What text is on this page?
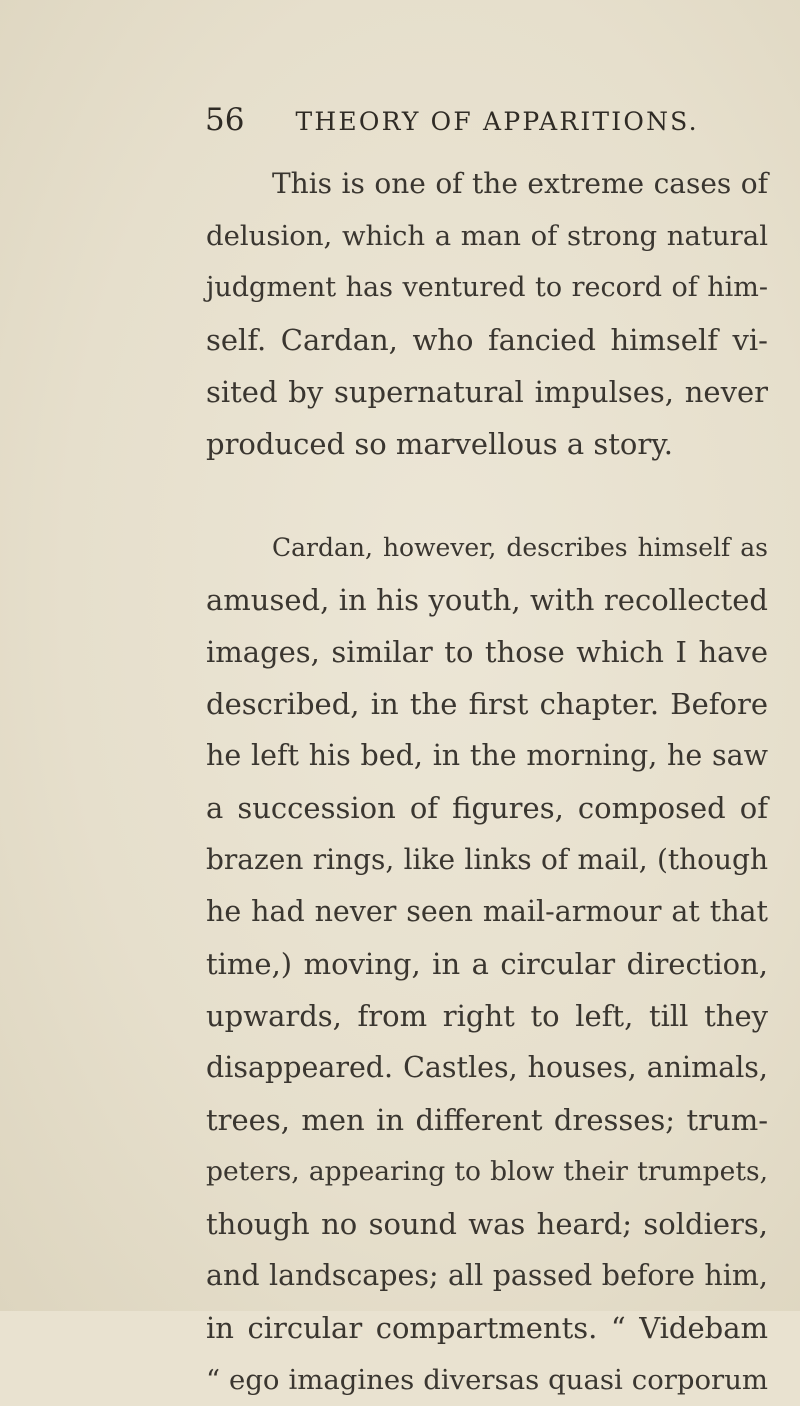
56 THEORY OF APPARITIONS.
This is one of the extreme cases of
delusion, which a man of strong natural
judgment has ventured to record of him-
self. Cardan, who fancied himself vi-
sited by supernatural impulses, never
produced so marvellous a story.
Cardan, however, describes himself as
amused, in his youth, with recollected
images, similar to those which I have
described, in the first chapter. Before
he left his bed, in the morning, he saw
a succession of figures, composed of
brazen rings, like links of mail, (though
he had never seen mail-armour at that
time,) moving, in a circular direction,
upwards, from right to left, till they
disappeared. Castles, houses, animals,
trees, men in different dresses; trum-
peters, appearing to blow their trumpets,
though no sound was heard; soldiers,
and landscapes; all passed before him,
in circular compartments. “ Videbam
“ ego imagines diversas quasi corporum
